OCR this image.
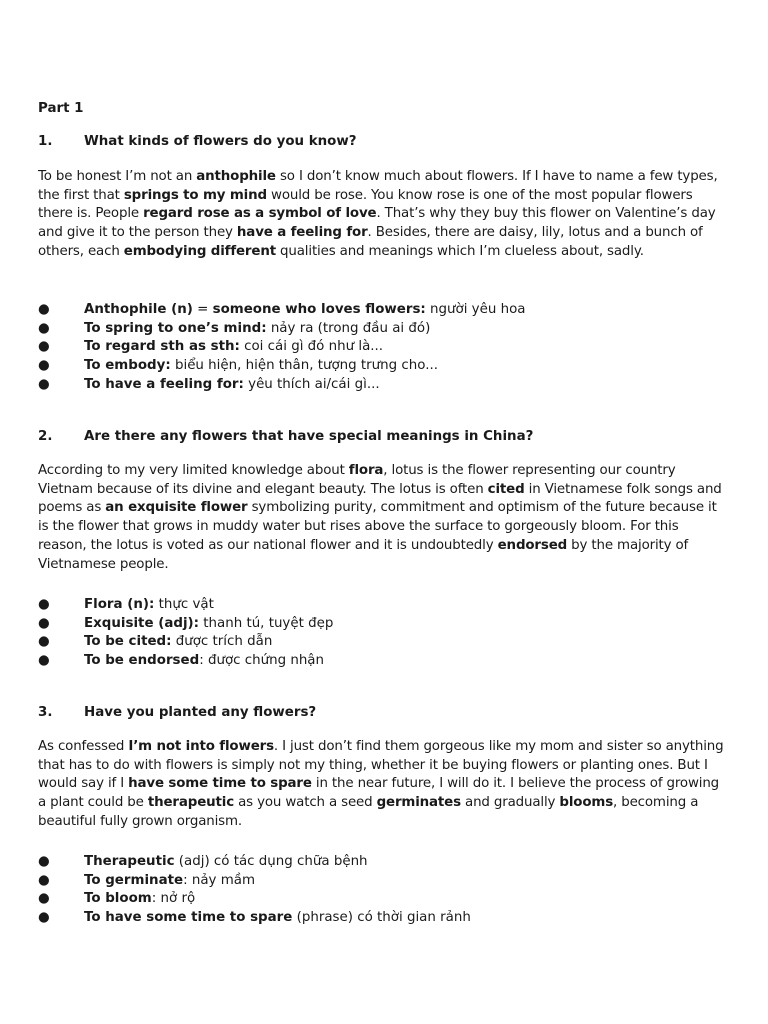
Part 1
1. What kinds of flowers do you know?

To be honest I’m not an anthophile so I don’t know much about flowers. If I have to name a few types, the first that springs to my mind would be rose. You know rose is one of the most popular flowers there is. People regard rose as a symbol of love. That’s why they buy this flower on Valentine’s day and give it to the person they have a feeling for. Besides, there are daisy, lily, lotus and a bunch of others, each embodying different qualities and meanings which I’m clueless about, sadly.

●	Anthophile (n) = someone who loves flowers: người yêu hoa
●	To spring to one’s mind: nảy ra (trong đầu ai đó)
●	To regard sth as sth: coi cái gì đó như là...
●	To embody: biểu hiện, hiện thân, tượng trưng cho...
●	To have a feeling for: yêu thích ai/cái gì...
2. Are there any flowers that have special meanings in China?

According to my very limited knowledge about flora, lotus is the flower representing our country Vietnam because of its divine and elegant beauty. The lotus is often cited in Vietnamese folk songs and poems as an exquisite flower symbolizing purity, commitment and optimism of the future because it is the flower that grows in muddy water but rises above the surface to gorgeously bloom. For this reason, the lotus is voted as our national flower and it is undoubtedly endorsed by the majority of Vietnamese people.

●	Flora (n): thực vật
●	Exquisite (adj): thanh tú, tuyệt đẹp
●	To be cited: được trích dẫn
●	To be endorsed: được chứng nhận
3. Have you planted any flowers?

As confessed I’m not into flowers. I just don’t find them gorgeous like my mom and sister so anything that has to do with flowers is simply not my thing, whether it be buying flowers or planting ones. But I would say if I have some time to spare in the near future, I will do it. I believe the process of growing a plant could be therapeutic as you watch a seed germinates and gradually blooms, becoming a beautiful fully grown organism.

●	Therapeutic (adj) có tác dụng chữa bệnh
●	To germinate: nảy mầm
●	To bloom: nở rộ
●	To have some time to spare (phrase) có thời gian rảnh
